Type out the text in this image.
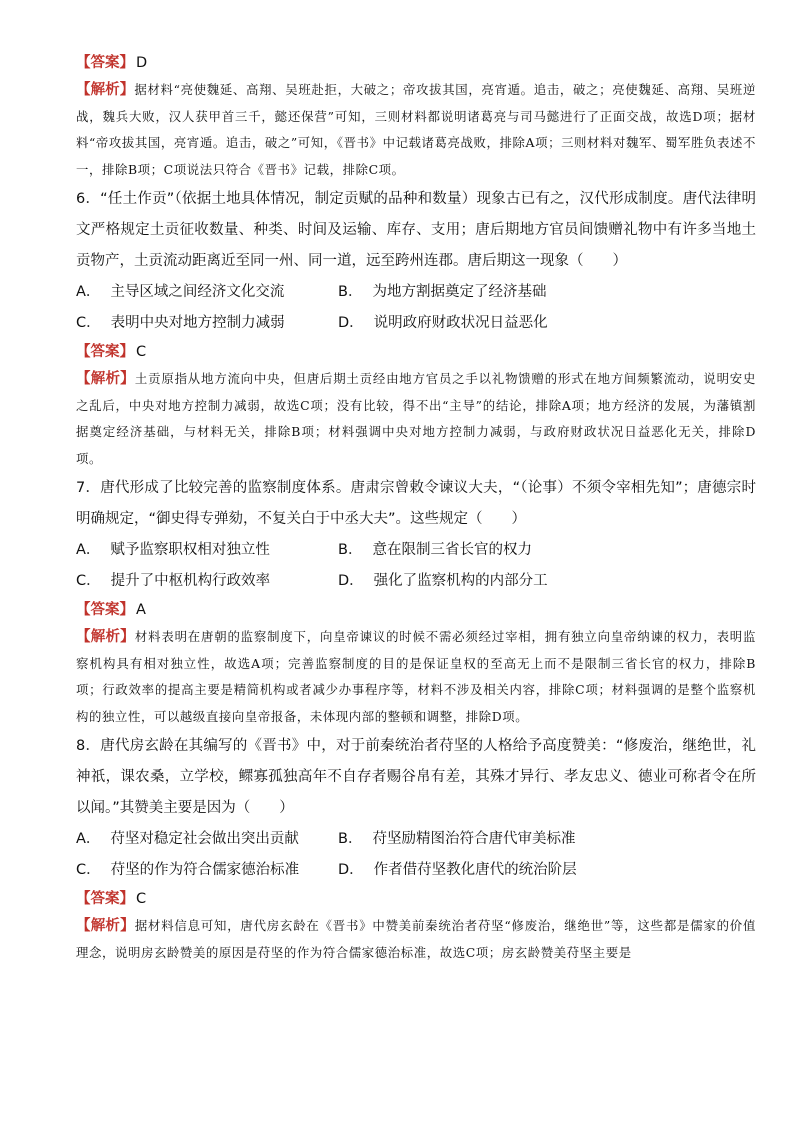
【答案】 D

【解析】据材料“亮使魏延、高翔、吴班赴拒，大破之；帝攻拔其国，亮宵遁。追击，破之；亮使魏延、高翔、吴班逆战，魏兵大败，汉人获甲首三千，懿还保营”可知，三则材料都说明诸葛亮与司马懿进行了正面交战，故选D项；据材料“帝攻拔其国，亮宵遁。追击，破之”可知，《晋书》中记载诸葛亮战败，排除A项；三则材料对魏军、蜀军胜负表述不一，排除B项；C项说法只符合《晋书》记载，排除C项。

6．“任土作贡”（依据土地具体情况，制定贡赋的品种和数量）现象古已有之，汉代形成制度。唐代法律明文严格规定土贡征收数量、种类、时间及运输、库存、支用；唐后期地方官员间馈赠礼物中有许多当地土贡物产，土贡流动距离近至同一州、同一道，远至跨州连郡。唐后期这一现象（　　）

A． 主导区域之间经济文化交流	B． 为地方割据奠定了经济基础
C． 表明中央对地方控制力减弱	D． 说明政府财政状况日益恶化
【答案】 C

【解析】土贡原指从地方流向中央，但唐后期土贡经由地方官员之手以礼物馈赠的形式在地方间频繁流动，说明安史之乱后，中央对地方控制力减弱，故选C项；没有比较，得不出“主导”的结论，排除A项；地方经济的发展，为藩镇割据奠定经济基础，与材料无关，排除B项；材料强调中央对地方控制力减弱，与政府财政状况日益恶化无关，排除D项。

7．唐代形成了比较完善的监察制度体系。唐肃宗曾敕令谏议大夫，“（论事）不须令宰相先知”；唐德宗时明确规定，“御史得专弹劾，不复关白于中丞大夫”。这些规定（　　）

A． 赋予监察职权相对独立性	B． 意在限制三省长官的权力
C． 提升了中枢机构行政效率	D． 强化了监察机构的内部分工
【答案】 A

【解析】材料表明在唐朝的监察制度下，向皇帝谏议的时候不需必须经过宰相，拥有独立向皇帝纳谏的权力，表明监察机构具有相对独立性，故选A项；完善监察制度的目的是保证皇权的至高无上而不是限制三省长官的权力，排除B项；行政效率的提高主要是精简机构或者减少办事程序等，材料不涉及相关内容，排除C项；材料强调的是整个监察机构的独立性，可以越级直接向皇帝报备，未体现内部的整顿和调整，排除D项。

8．唐代房玄龄在其编写的《晋书》中，对于前秦统治者苻坚的人格给予高度赞美：“修废治，继绝世，礼神祇，课农桑，立学校，鳏寡孤独高年不自存者赐谷帛有差，其殊才异行、孝友忠义、德业可称者令在所以闻。”其赞美主要是因为（　　）

A． 苻坚对稳定社会做出突出贡献	B． 苻坚励精图治符合唐代审美标准
C． 苻坚的作为符合儒家德治标准	D． 作者借苻坚教化唐代的统治阶层
【答案】 C

【解析】据材料信息可知，唐代房玄龄在《晋书》中赞美前秦统治者苻坚“修废治，继绝世”等，这些都是儒家的价值理念，说明房玄龄赞美的原因是苻坚的作为符合儒家德治标准，故选C项；房玄龄赞美苻坚主要是
